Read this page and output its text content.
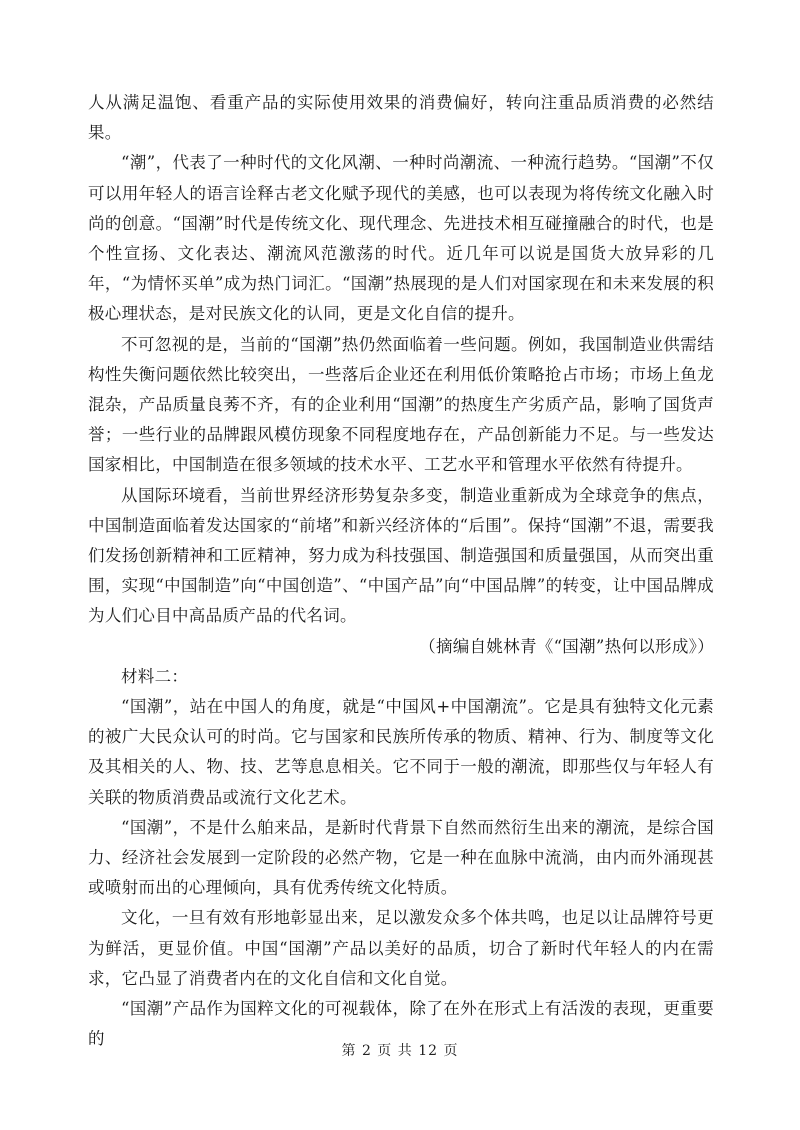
人从满足温饱、看重产品的实际使用效果的消费偏好，转向注重品质消费的必然结果。

“潮”，代表了一种时代的文化风潮、一种时尚潮流、一种流行趋势。“国潮”不仅可以用年轻人的语言诠释古老文化赋予现代的美感，也可以表现为将传统文化融入时尚的创意。“国潮”时代是传统文化、现代理念、先进技术相互碰撞融合的时代，也是个性宣扬、文化表达、潮流风范激荡的时代。近几年可以说是国货大放异彩的几年，“为情怀买单”成为热门词汇。“国潮”热展现的是人们对国家现在和未来发展的积极心理状态，是对民族文化的认同，更是文化自信的提升。

不可忽视的是，当前的“国潮”热仍然面临着一些问题。例如，我国制造业供需结构性失衡问题依然比较突出，一些落后企业还在利用低价策略抢占市场；市场上鱼龙混杂，产品质量良莠不齐，有的企业利用“国潮”的热度生产劣质产品，影响了国货声誉；一些行业的品牌跟风模仿现象不同程度地存在，产品创新能力不足。与一些发达国家相比，中国制造在很多领域的技术水平、工艺水平和管理水平依然有待提升。

从国际环境看，当前世界经济形势复杂多变，制造业重新成为全球竞争的焦点，中国制造面临着发达国家的“前堵”和新兴经济体的“后围”。保持“国潮”不退，需要我们发扬创新精神和工匠精神，努力成为科技强国、制造强国和质量强国，从而突出重围，实现“中国制造”向“中国创造”、“中国产品”向“中国品牌”的转变，让中国品牌成为人们心目中高品质产品的代名词。

（摘编自姚林青《“国潮”热何以形成》）

材料二：

“国潮”，站在中国人的角度，就是“中国风+中国潮流”。它是具有独特文化元素的被广大民众认可的时尚。它与国家和民族所传承的物质、精神、行为、制度等文化及其相关的人、物、技、艺等息息相关。它不同于一般的潮流，即那些仅与年轻人有关联的物质消费品或流行文化艺术。

“国潮”，不是什么舶来品，是新时代背景下自然而然衍生出来的潮流，是综合国力、经济社会发展到一定阶段的必然产物，它是一种在血脉中流淌，由内而外涌现甚或喷射而出的心理倾向，具有优秀传统文化特质。

文化，一旦有效有形地彰显出来，足以激发众多个体共鸣，也足以让品牌符号更为鲜活，更显价值。中国“国潮”产品以美好的品质，切合了新时代年轻人的内在需求，它凸显了消费者内在的文化自信和文化自觉。

“国潮”产品作为国粹文化的可视载体，除了在外在形式上有活泼的表现，更重要的

第 2 页 共 12 页
